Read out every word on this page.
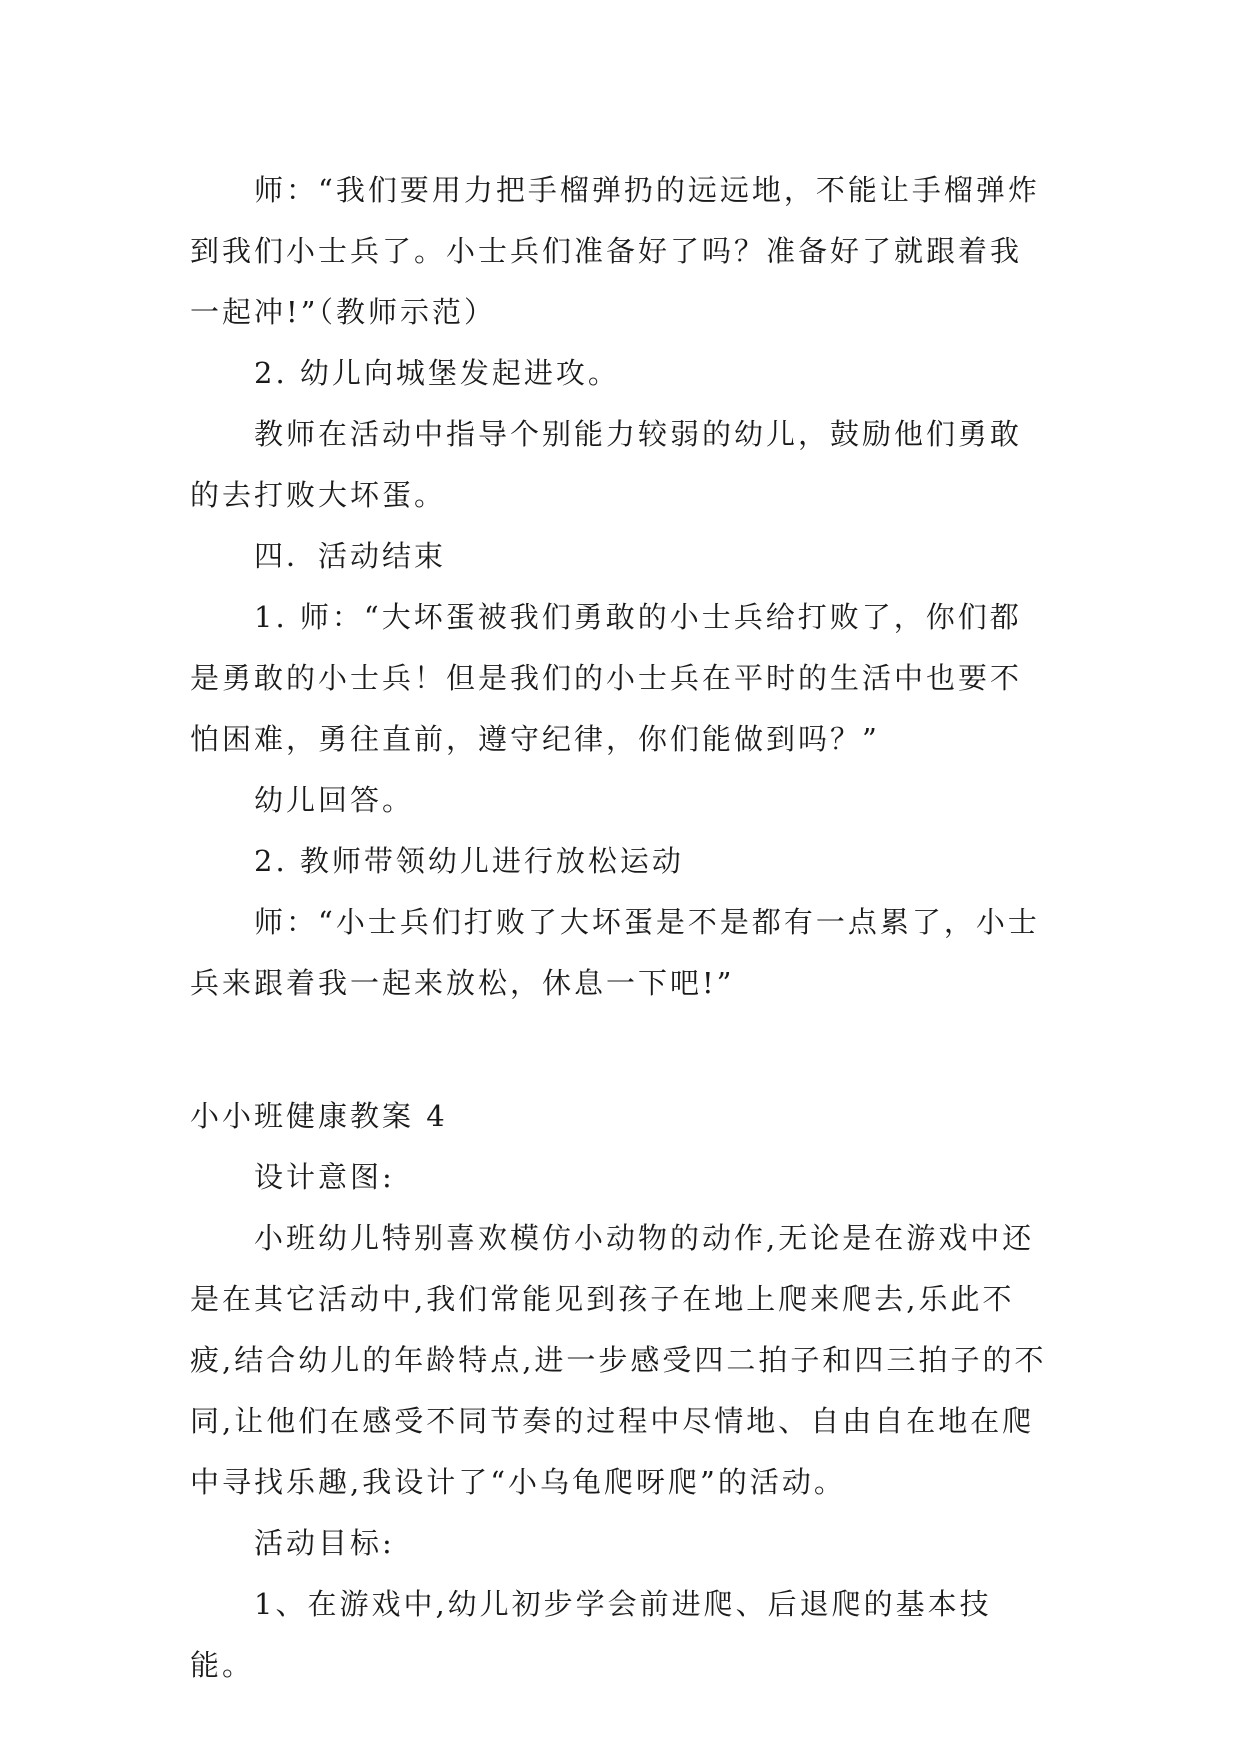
师：“我们要用力把手榴弹扔的远远地，不能让手榴弹炸到我们小士兵了。小士兵们准备好了吗？准备好了就跟着我一起冲!”（教师示范）

2. 幼儿向城堡发起进攻。

教师在活动中指导个别能力较弱的幼儿，鼓励他们勇敢的去打败大坏蛋。

四．活动结束

1. 师：“大坏蛋被我们勇敢的小士兵给打败了，你们都是勇敢的小士兵！但是我们的小士兵在平时的生活中也要不怕困难，勇往直前，遵守纪律，你们能做到吗？”

幼儿回答。

2. 教师带领幼儿进行放松运动

师：“小士兵们打败了大坏蛋是不是都有一点累了，小士兵来跟着我一起来放松，休息一下吧!”

小小班健康教案 4

设计意图:

小班幼儿特别喜欢模仿小动物的动作,无论是在游戏中还是在其它活动中,我们常能见到孩子在地上爬来爬去,乐此不疲,结合幼儿的年龄特点,进一步感受四二拍子和四三拍子的不同,让他们在感受不同节奏的过程中尽情地、自由自在地在爬中寻找乐趣,我设计了“小乌龟爬呀爬”的活动。

活动目标:

1、在游戏中,幼儿初步学会前进爬、后退爬的基本技能。
